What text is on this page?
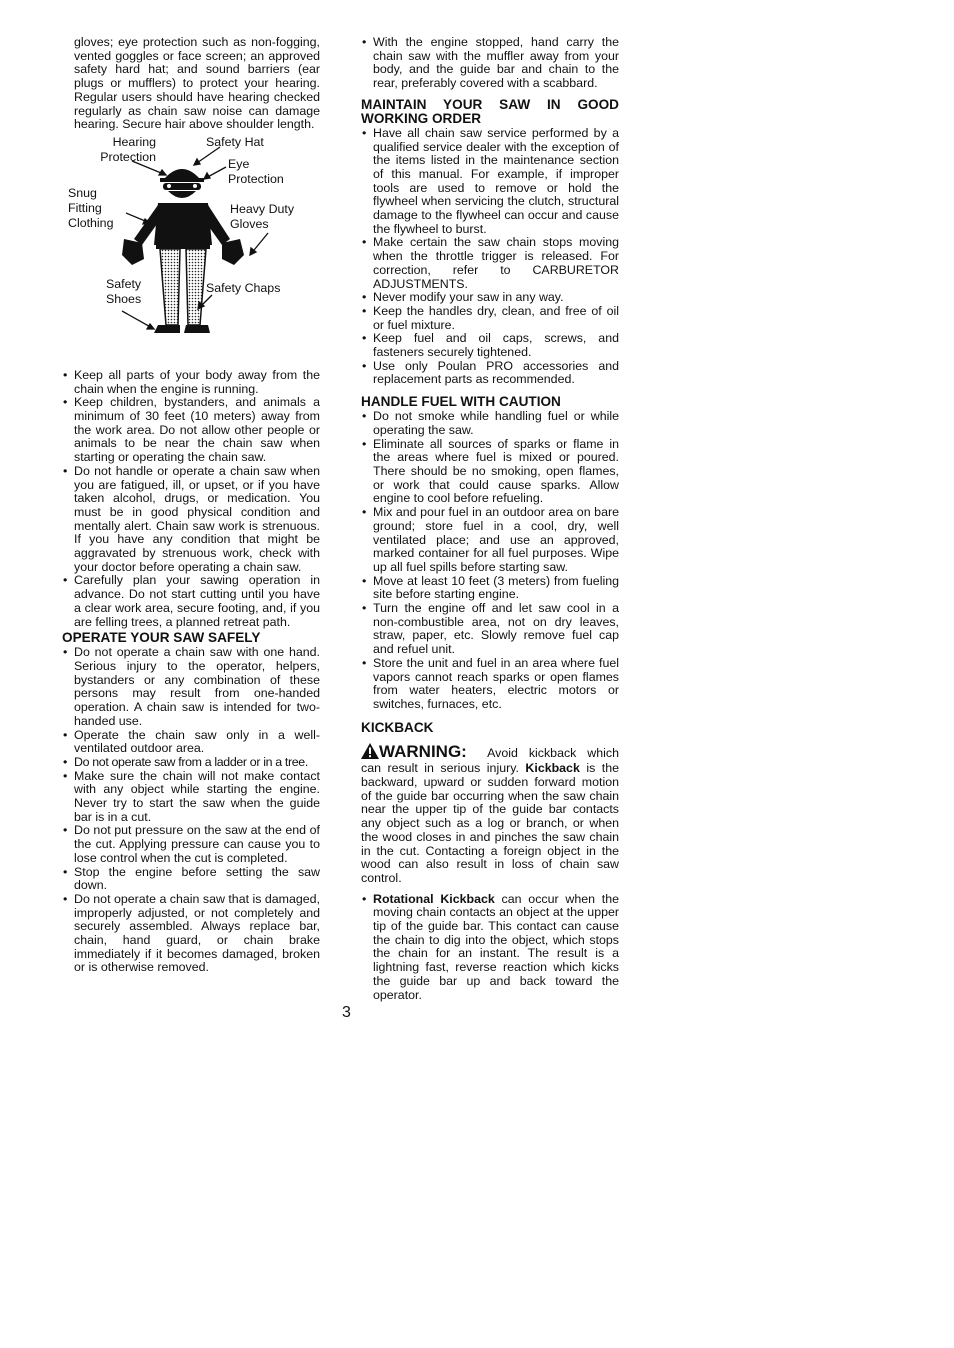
gloves; eye protection such as non-fogging, vented goggles or face screen; an approved safety hard hat; and sound barriers (ear plugs or mufflers) to protect your hearing. Regular users should have hearing checked regularly as chain saw noise can damage hearing. Secure hair above shoulder length.

Hearing Protection
Safety Hat
Eye Protection
Snug Fitting Clothing
Heavy Duty Gloves
Safety Shoes
Safety Chaps
• Keep all parts of your body away from the chain when the engine is running.
• Keep children, bystanders, and animals a minimum of 30 feet (10 meters) away from the work area. Do not allow other people or animals to be near the chain saw when starting or operating the chain saw.
• Do not handle or operate a chain saw when you are fatigued, ill, or upset, or if you have taken alcohol, drugs, or medication. You must be in good physical condition and mentally alert. Chain saw work is strenuous. If you have any condition that might be aggravated by strenuous work, check with your doctor before operating a chain saw.
• Carefully plan your sawing operation in advance. Do not start cutting until you have a clear work area, secure footing, and, if you are felling trees, a planned retreat path.
OPERATE YOUR SAW SAFELY
• Do not operate a chain saw with one hand. Serious injury to the operator, helpers, bystanders or any combination of these persons may result from one-handed operation. A chain saw is intended for two-handed use.
• Operate the chain saw only in a well-ventilated outdoor area.
• Do not operate saw from a ladder or in a tree.
• Make sure the chain will not make contact with any object while starting the engine. Never try to start the saw when the guide bar is in a cut.
• Do not put pressure on the saw at the end of the cut. Applying pressure can cause you to lose control when the cut is completed.
• Stop the engine before setting the saw down.
• Do not operate a chain saw that is damaged, improperly adjusted, or not completely and securely assembled. Always replace bar, chain, hand guard, or chain brake immediately if it becomes damaged, broken or is otherwise removed.
• With the engine stopped, hand carry the chain saw with the muffler away from your body, and the guide bar and chain to the rear, preferably covered with a scabbard.
MAINTAIN YOUR SAW IN GOOD WORKING ORDER
• Have all chain saw service performed by a qualified service dealer with the exception of the items listed in the maintenance section of this manual. For example, if improper tools are used to remove or hold the flywheel when servicing the clutch, structural damage to the flywheel can occur and cause the flywheel to burst.
• Make certain the saw chain stops moving when the throttle trigger is released. For correction, refer to CARBURETOR ADJUSTMENTS.
• Never modify your saw in any way.
• Keep the handles dry, clean, and free of oil or fuel mixture.
• Keep fuel and oil caps, screws, and fasteners securely tightened.
• Use only Poulan PRO accessories and replacement parts as recommended.
HANDLE FUEL WITH CAUTION
• Do not smoke while handling fuel or while operating the saw.
• Eliminate all sources of sparks or flame in the areas where fuel is mixed or poured. There should be no smoking, open flames, or work that could cause sparks. Allow engine to cool before refueling.
• Mix and pour fuel in an outdoor area on bare ground; store fuel in a cool, dry, well ventilated place; and use an approved, marked container for all fuel purposes. Wipe up all fuel spills before starting saw.
• Move at least 10 feet (3 meters) from fueling site before starting engine.
• Turn the engine off and let saw cool in a non-combustible area, not on dry leaves, straw, paper, etc. Slowly remove fuel cap and refuel unit.
• Store the unit and fuel in an area where fuel vapors cannot reach sparks or open flames from water heaters, electric motors or switches, furnaces, etc.
KICKBACK

WARNING: Avoid kickback which can result in serious injury. Kickback is the backward, upward or sudden forward motion of the guide bar occurring when the saw chain near the upper tip of the guide bar contacts any object such as a log or branch, or when the wood closes in and pinches the saw chain in the cut. Contacting a foreign object in the wood can also result in loss of chain saw control.

• Rotational Kickback can occur when the moving chain contacts an object at the upper tip of the guide bar. This contact can cause the chain to dig into the object, which stops the chain for an instant. The result is a lightning fast, reverse reaction which kicks the guide bar up and back toward the operator.
3
